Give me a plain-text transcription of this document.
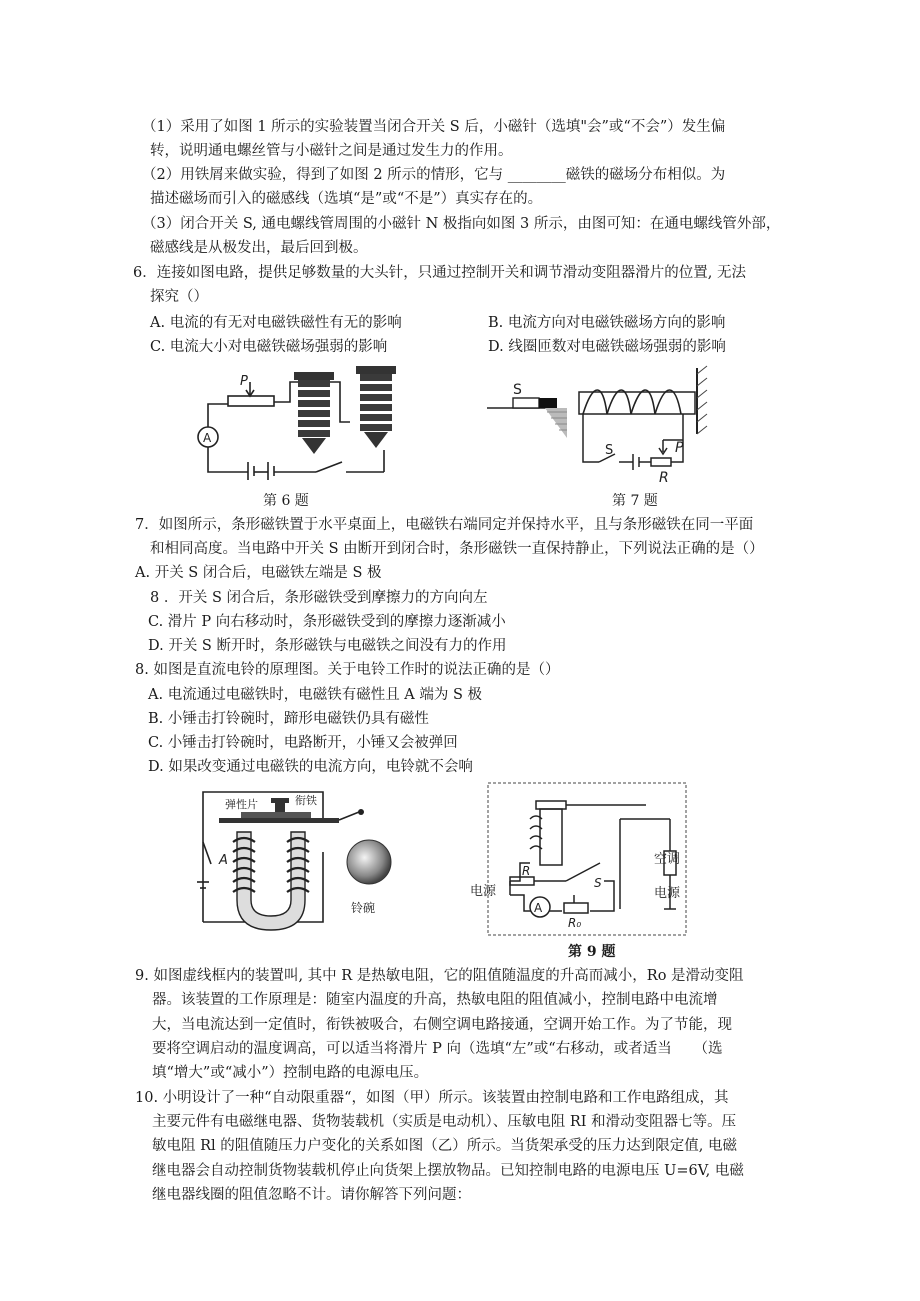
（1）采用了如图 1 所示的实验装置当闭合开关 S 后，小磁针（选填"会”或“不会”）发生偏
转，说明通电螺丝管与小磁针之间是通过发生力的作用。
（2）用铁屑来做实验，得到了如图 2 所示的情形，它与 ________磁铁的磁场分布相似。为
描述磁场而引入的磁感线（选填“是”或“不是”）真实存在的。
（3）闭合开关 S, 通电螺线管周围的小磁针 N 极指向如图 3 所示，由图可知：在通电螺线管外部，
磁感线是从极发出，最后回到极。
6．连接如图电路，提供足够数量的大头针，只通过控制开关和调节滑动变阻器滑片的位置, 无法
探究（）
A. 电流的有无对电磁铁磁性有无的影响	B. 电流方向对电磁铁磁场方向的影响
C. 电流大小对电磁铁磁场强弱的影响	D. 线圈匝数对电磁铁磁场强弱的影响
A
P
第 6 题
S
S	P
R
第 7 题
7．如图所示，条形磁铁置于水平桌面上，电磁铁右端同定并保持水平，且与条形磁铁在同一平面
和相同高度。当电路中开关 S 由断开到闭合时，条形磁铁一直保持静止，下列说法正确的是（）
A. 开关 S 闭合后，电磁铁左端是 S 极
8 ．开关 S 闭合后，条形磁铁受到摩擦力的方向向左
C. 滑片 P 向右移动时，条形磁铁受到的摩擦力逐渐减小
D. 开关 S 断开时，条形磁铁与电磁铁之间没有力的作用
8. 如图是直流电铃的原理图。关于电铃工作时的说法正确的是（）
A. 电流通过电磁铁时，电磁铁有磁性且 A 端为 S 极
B. 小锤击打铃碗时，蹄形电磁铁仍具有磁性
C. 小锤击打铃碗时，电路断开，小锤又会被弹回
D. 如果改变通过电磁铁的电流方向，电铃就不会响
弹性片	衔铁
A
铃碗	A
R
S
R₀
电源
空调
电源
第 9 题
9. 如图虚线框内的装置叫, 其中 R 是热敏电阻，它的阻值随温度的升高而减小，Ro 是滑动变阻
器。该装置的工作原理是：随室内温度的升高，热敏电阻的阻值减小，控制电路中电流增
大，当电流达到一定值时，衔铁被吸合，右侧空调电路接通，空调开始工作。为了节能，现
要将空调启动的温度调高，可以适当将滑片 P 向（选填“左”或“右移动，或者适当　　（选
填“增大”或“减小”）控制电路的电源电压。
10. 小明设计了一种“自动限重器“，如图（甲）所示。该装置由控制电路和工作电路组成，其
主要元件有电磁继电器、货物装载机（实质是电动机）、压敏电阻 RI 和滑动变阻器七等。压
敏电阻 Rl 的阻值随压力户变化的关系如图（乙）所示。当货架承受的压力达到限定值, 电磁
继电器会自动控制货物装载机停止向货架上摆放物品。已知控制电路的电源电压 U=6V, 电磁
继电器线圈的阻值忽略不计。请你解答下列问题：
